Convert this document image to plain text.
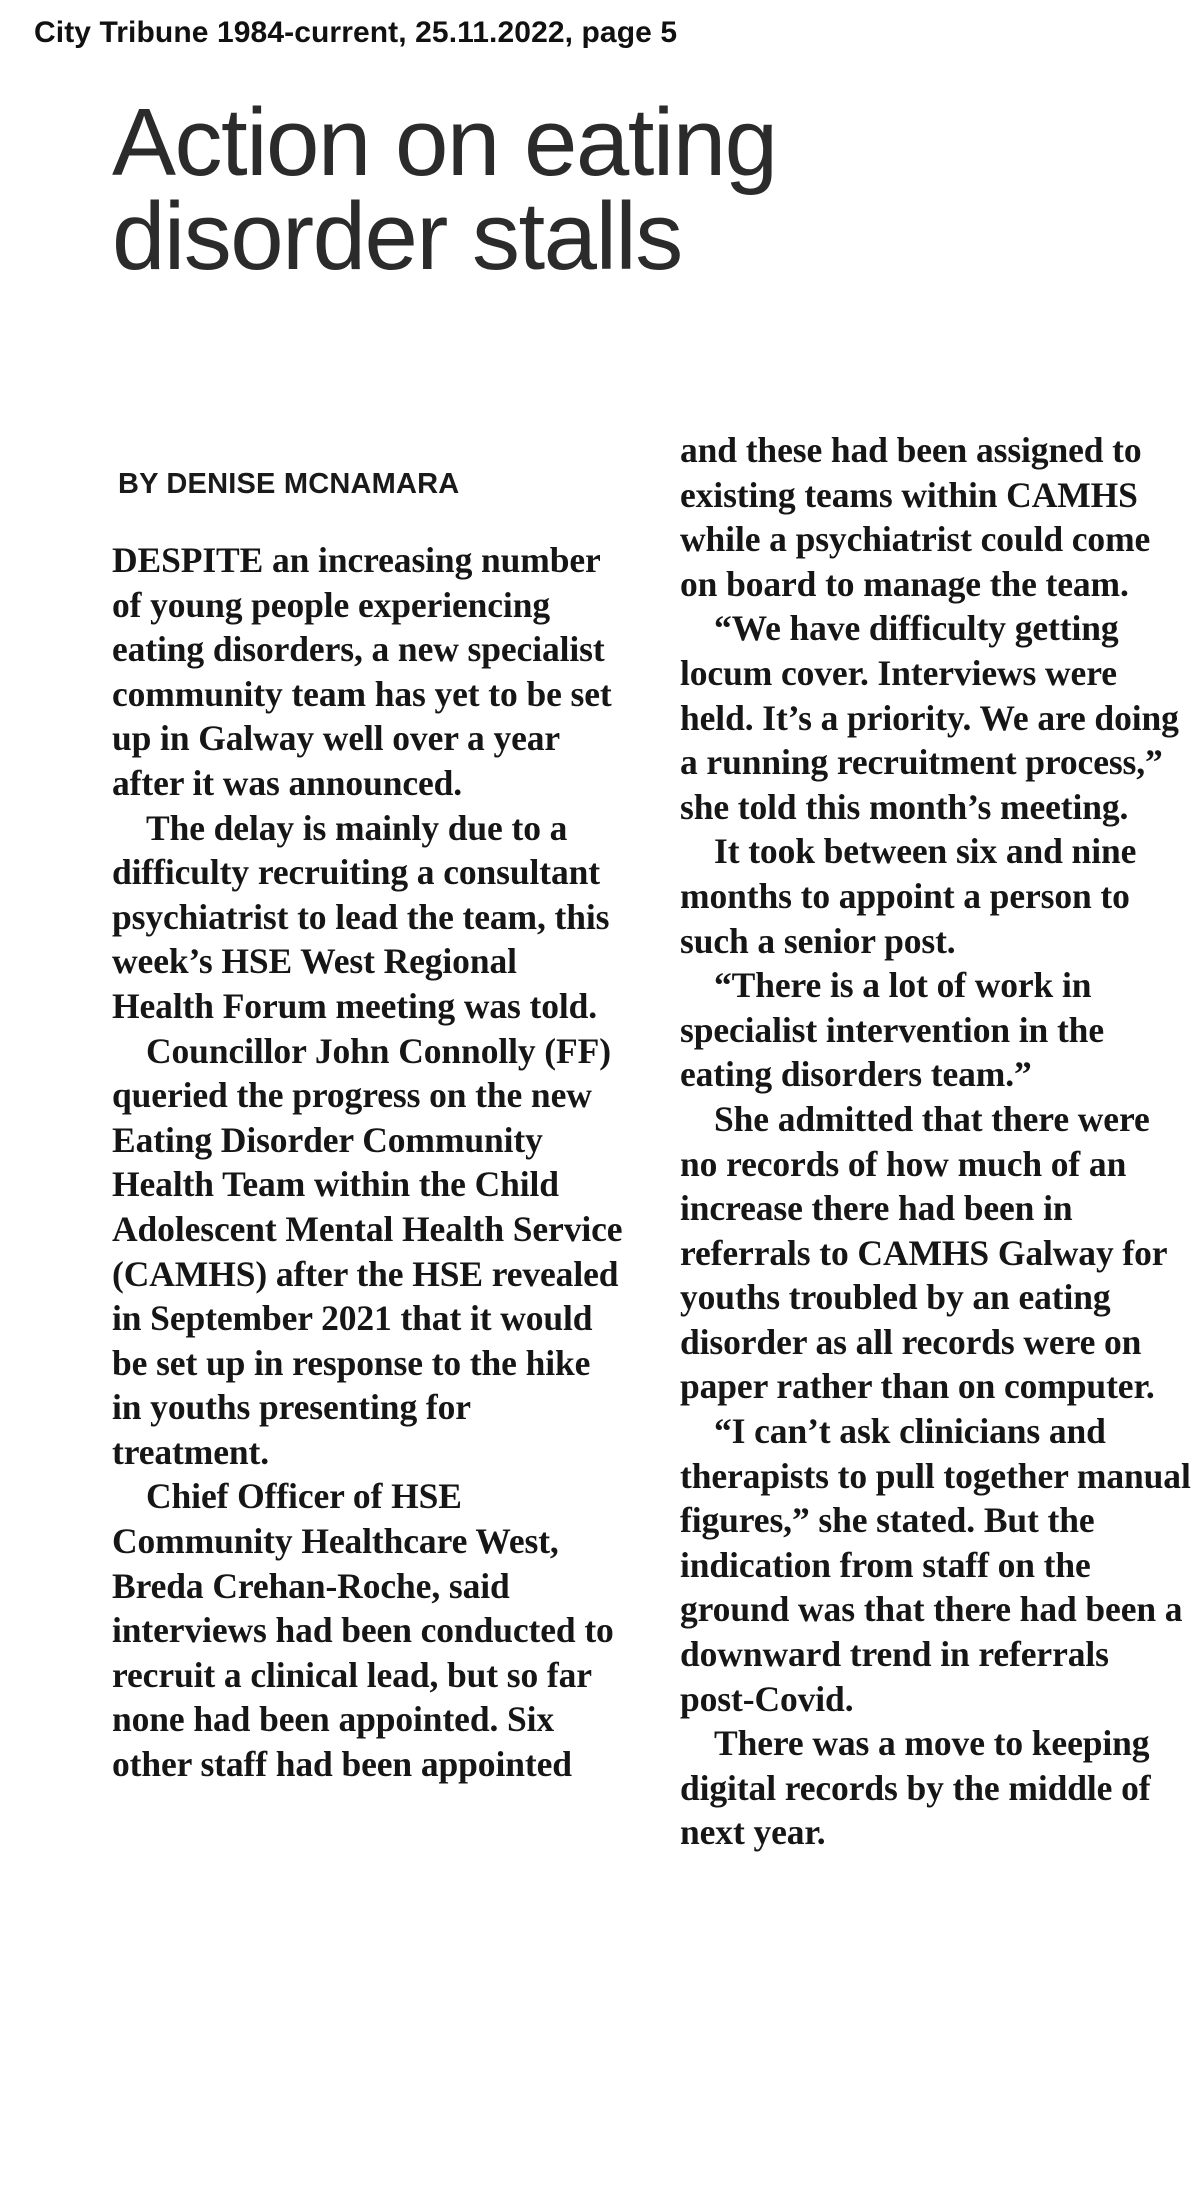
City Tribune 1984-current, 25.11.2022, page 5
Action on eating
disorder stalls
BY DENISE MCNAMARA

DESPITE an increasing number of young people experiencing eating disorders, a new specialist community team has yet to be set up in Galway well over a year after it was announced.

The delay is mainly due to a difficulty recruiting a consultant psychiatrist to lead the team, this week’s HSE West Regional Health Forum meeting was told.

Councillor John Connolly (FF) queried the progress on the new Eating Disorder Community Health Team within the Child Adolescent Mental Health Service (CAMHS) after the HSE revealed in September 2021 that it would be set up in response to the hike in youths presenting for treatment.

Chief Officer of HSE Community Healthcare West, Breda Crehan-Roche, said interviews had been conducted to recruit a clinical lead, but so far none had been appointed. Six other staff had been appointed

and these had been assigned to existing teams within CAMHS while a psychiatrist could come on board to manage the team.

“We have difficulty getting locum cover. Interviews were held. It’s a priority. We are doing a running recruitment process,” she told this month’s meeting.

It took between six and nine months to appoint a person to such a senior post.

“There is a lot of work in specialist intervention in the eating disorders team.”

She admitted that there were no records of how much of an increase there had been in referrals to CAMHS Galway for youths troubled by an eating disorder as all records were on paper rather than on computer.

“I can’t ask clinicians and therapists to pull together manual figures,” she stated. But the indication from staff on the ground was that there had been a downward trend in referrals post-Covid.

There was a move to keeping digital records by the middle of next year.
